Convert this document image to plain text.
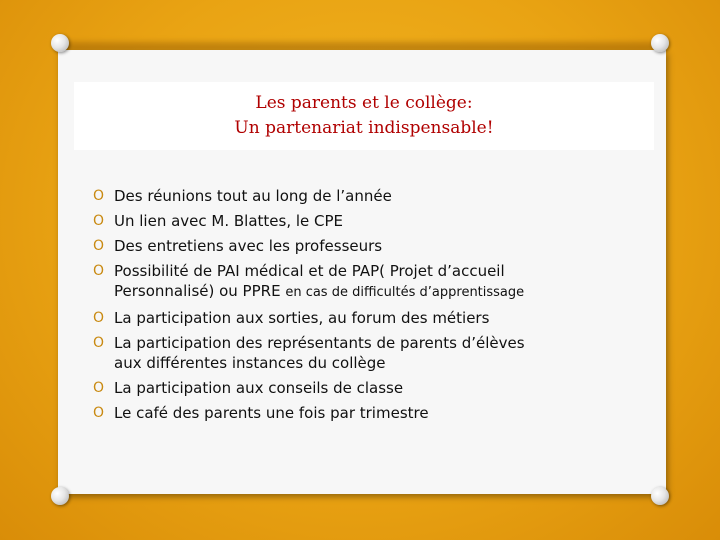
Les parents et le collège:
Un partenariat indispensable!
O Des réunions tout au long de l’année
O Un lien avec M. Blattes, le CPE
O Des entretiens avec les professeurs
O Possibilité de PAI médical et de PAP( Projet d’accueil
Personnalisé) ou PPRE en cas de difficultés d’apprentissage
O La participation aux sorties, au forum des métiers
O La participation des représentants de parents d’élèves
aux différentes instances du collège
O La participation aux conseils de classe
O Le café des parents une fois par trimestre
